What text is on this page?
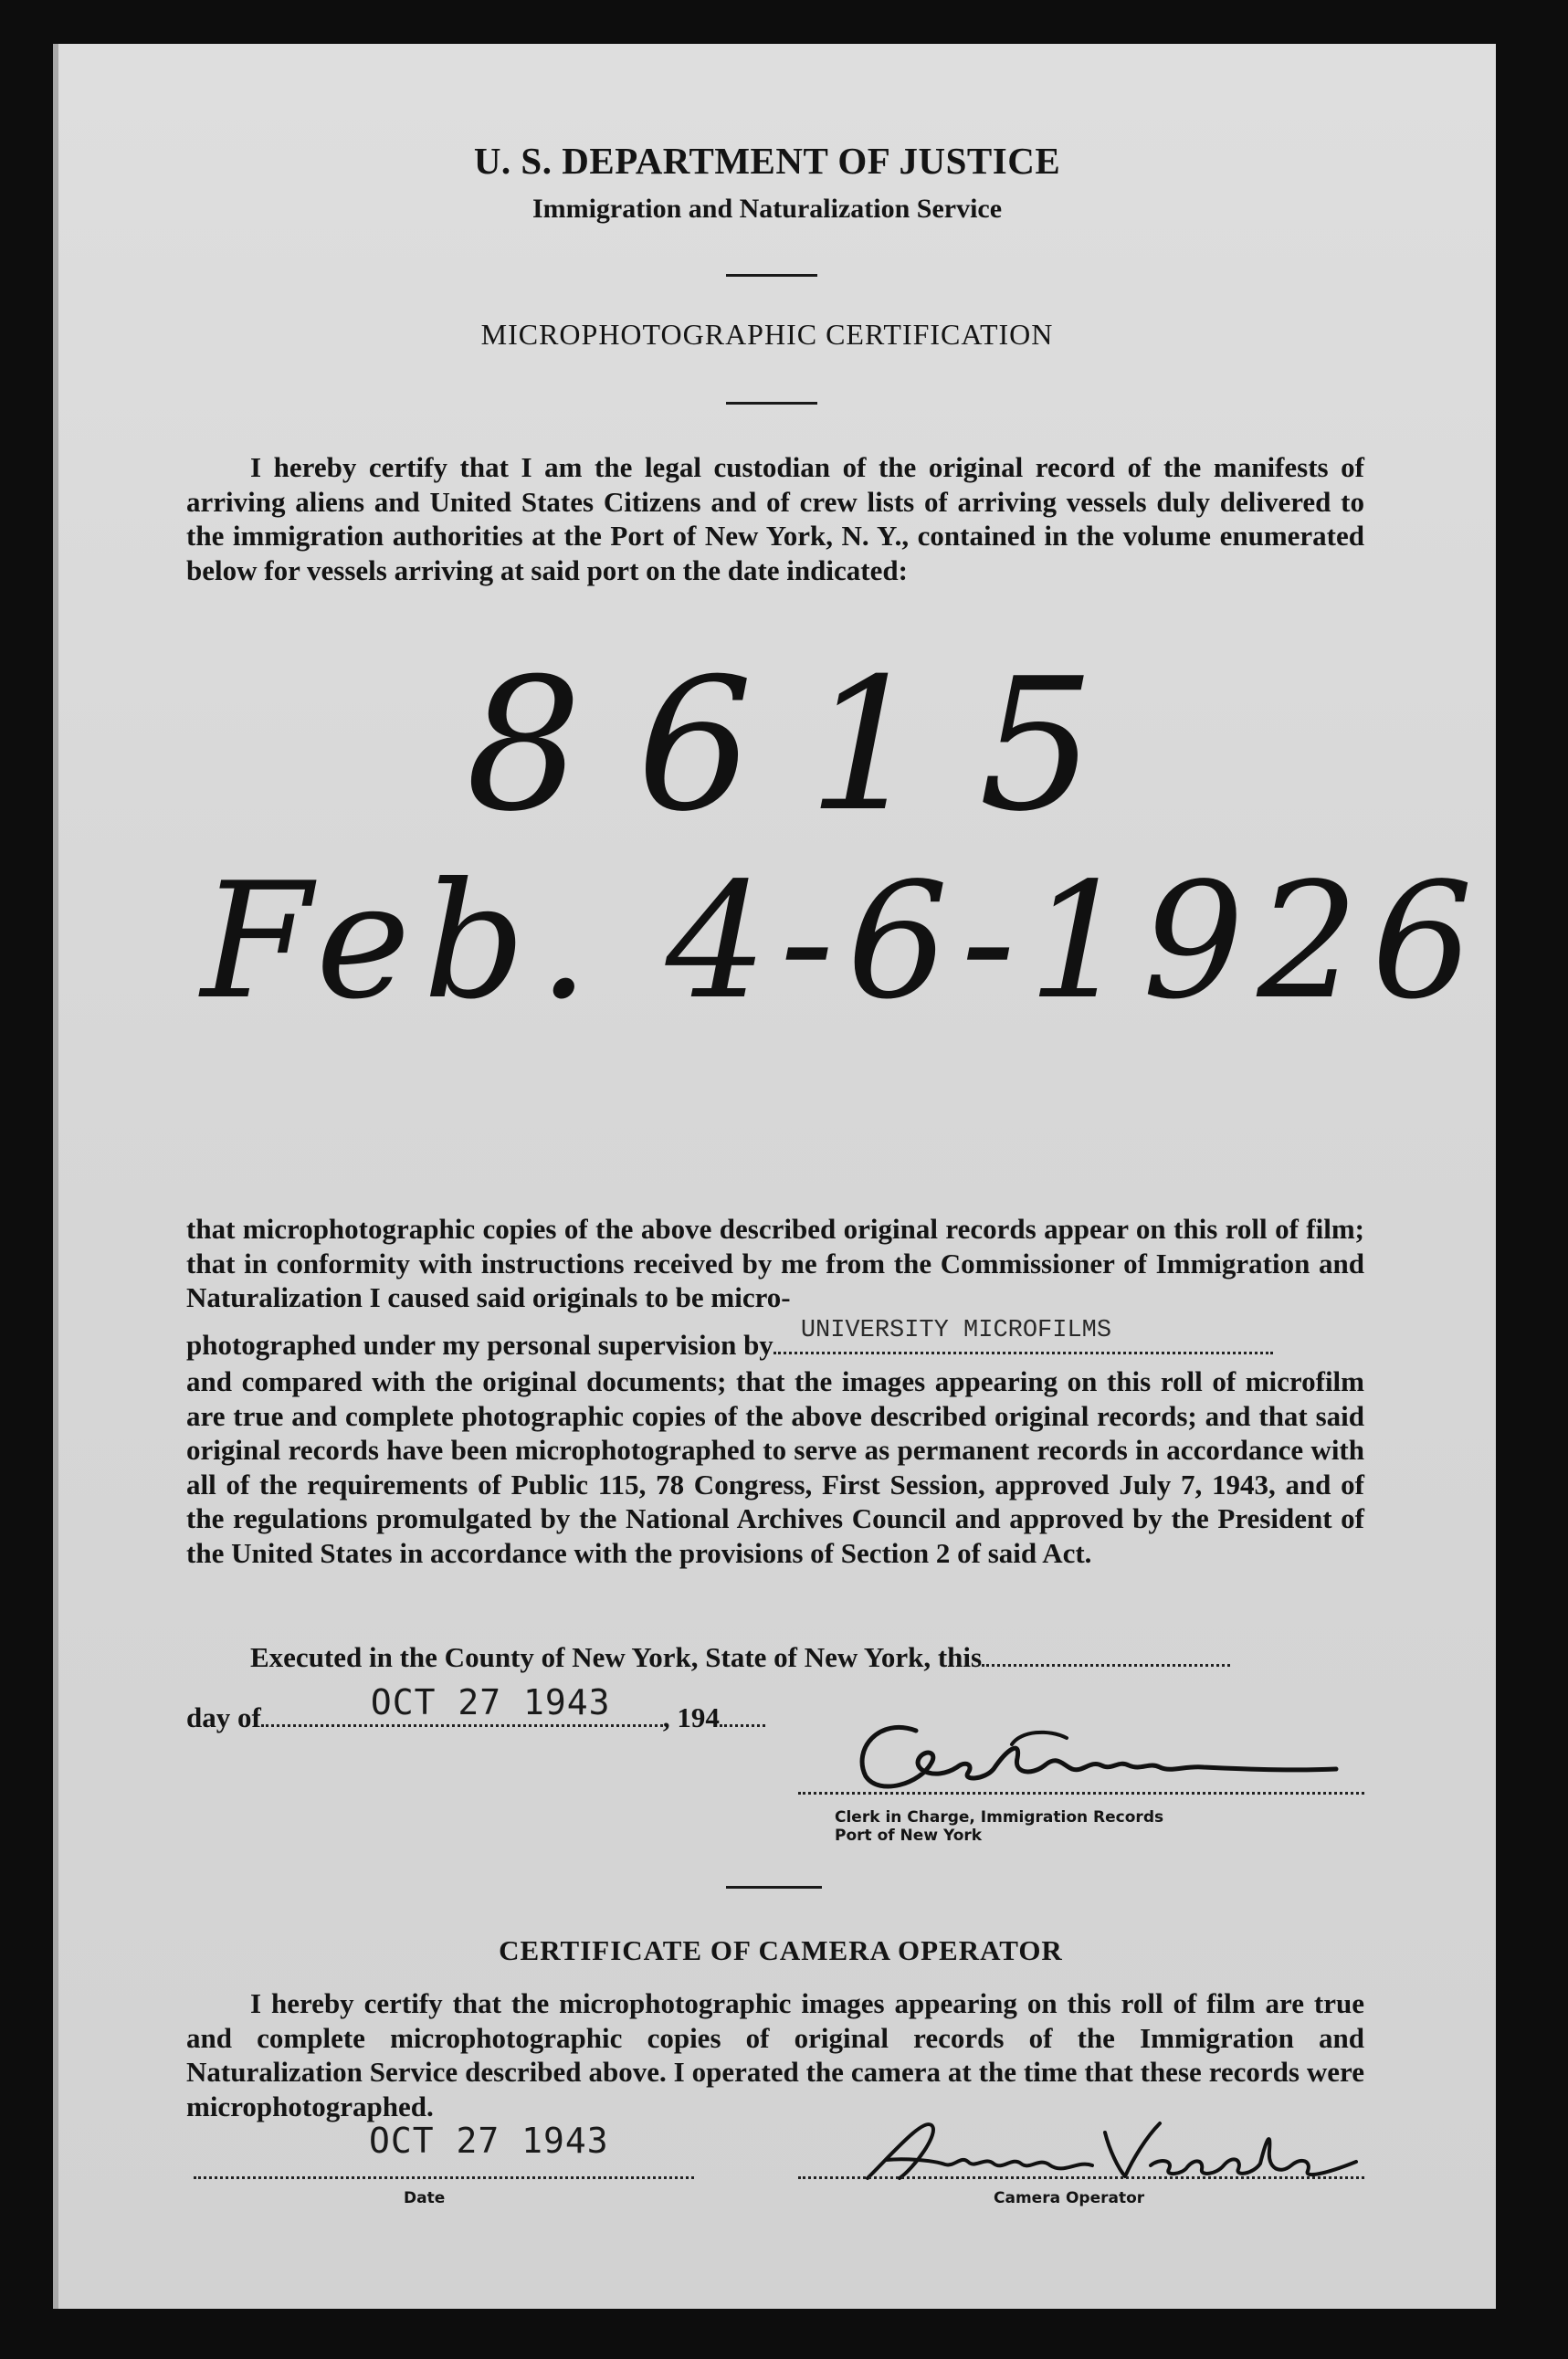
U. S. DEPARTMENT OF JUSTICE
Immigration and Naturalization Service
MICROPHOTOGRAPHIC CERTIFICATION
I hereby certify that I am the legal custodian of the original record of the manifests of arriving aliens and United States Citizens and of crew lists of arriving vessels duly delivered to the immigration authorities at the Port of New York, N. Y., contained in the volume enumerated below for vessels arriving at said port on the date indicated:
8615
Feb. 4-6-1926
that microphotographic copies of the above described original records appear on this roll of film; that in conformity with instructions received by me from the Commissioner of Immigration and Naturalization I caused said originals to be micro-
photographed under my personal supervision by UNIVERSITY MICROFILMS
and compared with the original documents; that the images appearing on this roll of microfilm are true and complete photographic copies of the above described original records; and that said original records have been microphotographed to serve as permanent records in accordance with all of the requirements of Public 115, 78 Congress, First Session, approved July 7, 1943, and of the regulations promulgated by the National Archives Council and approved by the President of the United States in accordance with the provisions of Section 2 of said Act.
Executed in the County of New York, State of New York, this
day of	OCT 27 1943 , 194
Clerk in Charge, Immigration Records
Port of New York
CERTIFICATE OF CAMERA OPERATOR
I hereby certify that the microphotographic images appearing on this roll of film are true and complete microphotographic copies of original records of the Immigration and Naturalization Service described above. I operated the camera at the time that these records were microphotographed.
OCT 27 1943
Date	Camera Operator
